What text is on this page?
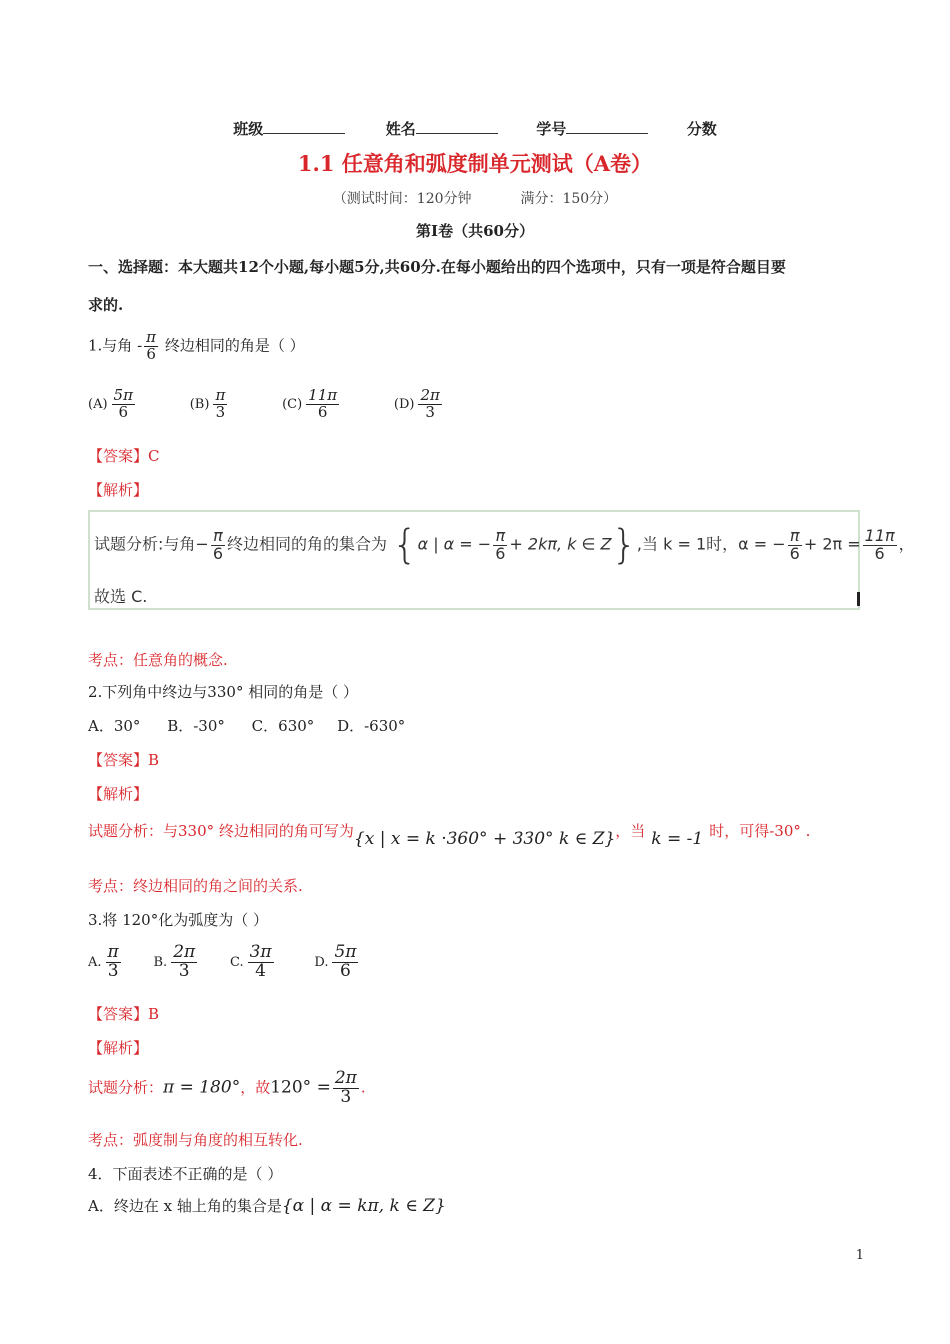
班级	姓名	学号	分数
1.1 任意角和弧度制单元测试（A卷）
（测试时间：120分钟	满分：150分）
第Ⅰ卷（共60分）
一、选择题：本大题共12个小题,每小题5分,共60分.在每小题给出的四个选项中，只有一项是符合题目要
求的.
1.与角 - $\frac{\pi}{6}$ 终边相同的角是（ ）
$(A) \frac{5\pi}{6}$	$(B) \frac{\pi}{3}$	$(C) \frac{11\pi}{6}$	$(D) \frac{2\pi}{3}$
【答案】C
【解析】
试题分析:与角− $\frac{\pi}{6}$ 终边相同的角的集合为 {α | α = − $\frac{\pi}{6} + 2k\pi$, k ∈ Z},当 k = 1时，α = − $\frac{\pi}{6} + 2\pi = \frac{11\pi}{6}$ ，
故选 C.
考点：任意角的概念.
2.下列角中终边与330° 相同的角是（ ）
A．30° B．-30° C．630° D．-630°
【答案】B
【解析】
试题分析：与330° 终边相同的角可写为{x | x = k ·360° + 330° k ∈ Z}，当 k = -1 时，可得-30° .
考点：终边相同的角之间的关系.
3.将 120°化为弧度为（ ）
A. $\frac{\pi}{3}$	B. $\frac{2\pi}{3}$	C. $\frac{3\pi}{4}$	D. $\frac{5\pi}{6}$
【答案】B
【解析】
试题分析：π = 180°，故$120^\circ = \frac{2\pi}{3}$ .
考点：弧度制与角度的相互转化.
4．下面表述不正确的是（ ）
A．终边在 x 轴上角的集合是{α | α = kπ, k ∈ Z}
1
